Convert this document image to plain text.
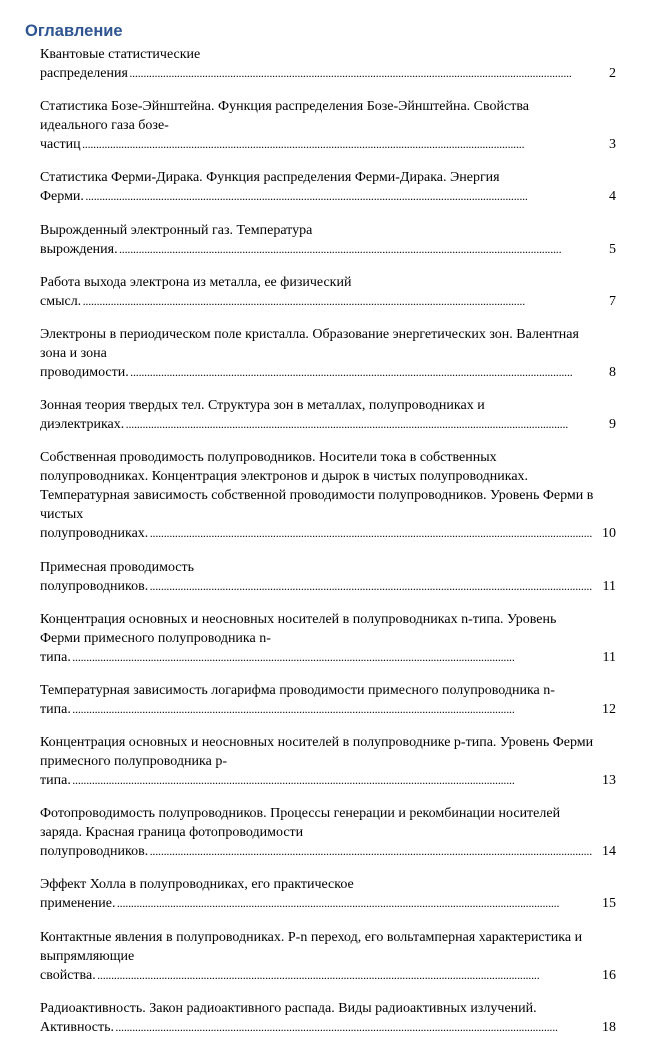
Оглавление
Квантовые статистические распределения . . .	2
Статистика Бозе-Эйнштейна. Функция распределения Бозе-Эйнштейна. Свойства идеального газа бозе-частиц . . .	3
Статистика Ферми-Дирака. Функция распределения Ферми-Дирака. Энергия Ферми. . . .	4
Вырожденный электронный газ. Температура вырождения. . . .	5
Работа выхода электрона из металла, ее физический смысл. . . .	7
Электроны в периодическом поле кристалла. Образование энергетических зон. Валентная зона и зона проводимости. . . .	8
Зонная теория твердых тел. Структура зон в металлах, полупроводниках и диэлектриках. . . .	9
Собственная проводимость полупроводников. Носители тока в собственных полупроводниках. Концентрация электронов и дырок в чистых полупроводниках. Температурная зависимость собственной проводимости полупроводников. Уровень Ферми в чистых полупроводниках. . . .	10
Примесная проводимость полупроводников. . . .	11
Концентрация основных и неосновных носителей в полупроводниках n-типа. Уровень Ферми примесного полупроводника n-типа. . . .	11
Температурная зависимость логарифма проводимости примесного полупроводника n-типа. . . .	12
Концентрация основных и неосновных носителей в полупроводнике p-типа. Уровень Ферми примесного полупроводника p-типа. . . .	13
Фотопроводимость полупроводников. Процессы генерации и рекомбинации носителей заряда. Красная граница фотопроводимости полупроводников. . . .	14
Эффект Холла в полупроводниках, его практическое применение. . . .	15
Контактные явления в полупроводниках. P-n переход, его вольтамперная характеристика и выпрямляющие свойства. . . .	16
Радиоактивность. Закон радиоактивного распада. Виды радиоактивных излучений. Активность. . . .	18
